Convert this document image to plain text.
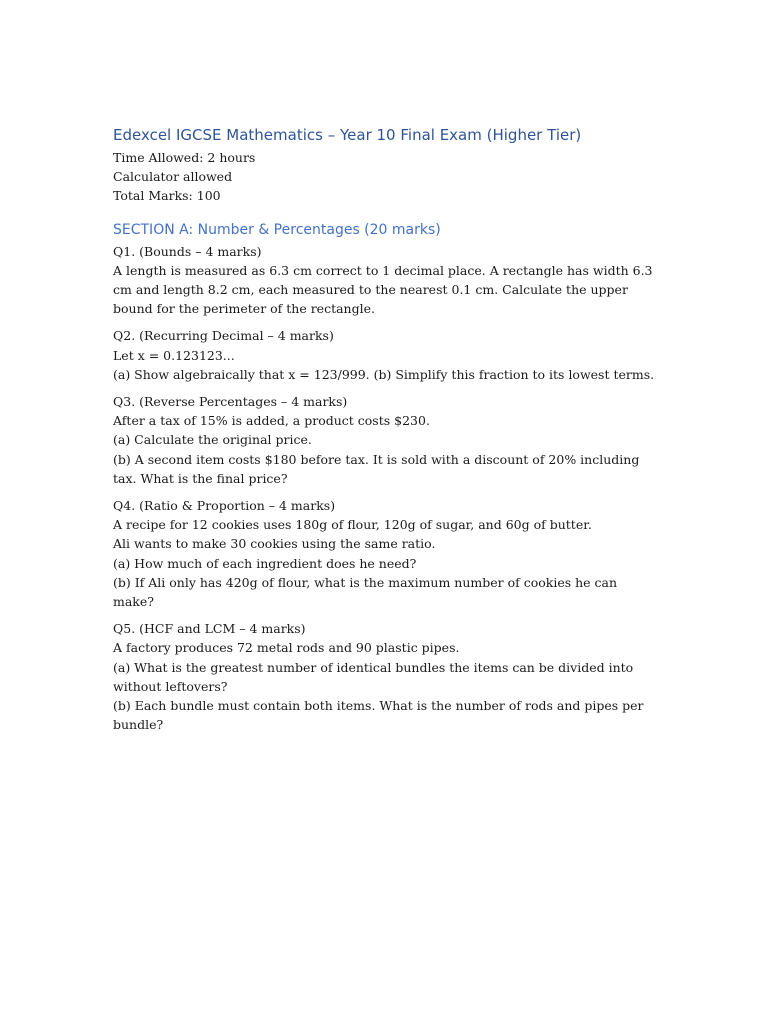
Edexcel IGCSE Mathematics – Year 10 Final Exam (Higher Tier)

Time Allowed: 2 hours

Calculator allowed

Total Marks: 100

SECTION A: Number & Percentages (20 marks)

Q1. (Bounds – 4 marks)

A length is measured as 6.3 cm correct to 1 decimal place. A rectangle has width 6.3 cm and length 8.2 cm, each measured to the nearest 0.1 cm. Calculate the upper bound for the perimeter of the rectangle.

Q2. (Recurring Decimal – 4 marks)

Let x = 0.123123...

(a) Show algebraically that x = 123/999. (b) Simplify this fraction to its lowest terms.

Q3. (Reverse Percentages – 4 marks)

After a tax of 15% is added, a product costs $230.

(a) Calculate the original price.

(b) A second item costs $180 before tax. It is sold with a discount of 20% including tax. What is the final price?

Q4. (Ratio & Proportion – 4 marks)

A recipe for 12 cookies uses 180g of flour, 120g of sugar, and 60g of butter.

Ali wants to make 30 cookies using the same ratio.

(a) How much of each ingredient does he need?

(b) If Ali only has 420g of flour, what is the maximum number of cookies he can make?

Q5. (HCF and LCM – 4 marks)

A factory produces 72 metal rods and 90 plastic pipes.

(a) What is the greatest number of identical bundles the items can be divided into without leftovers?

(b) Each bundle must contain both items. What is the number of rods and pipes per bundle?
